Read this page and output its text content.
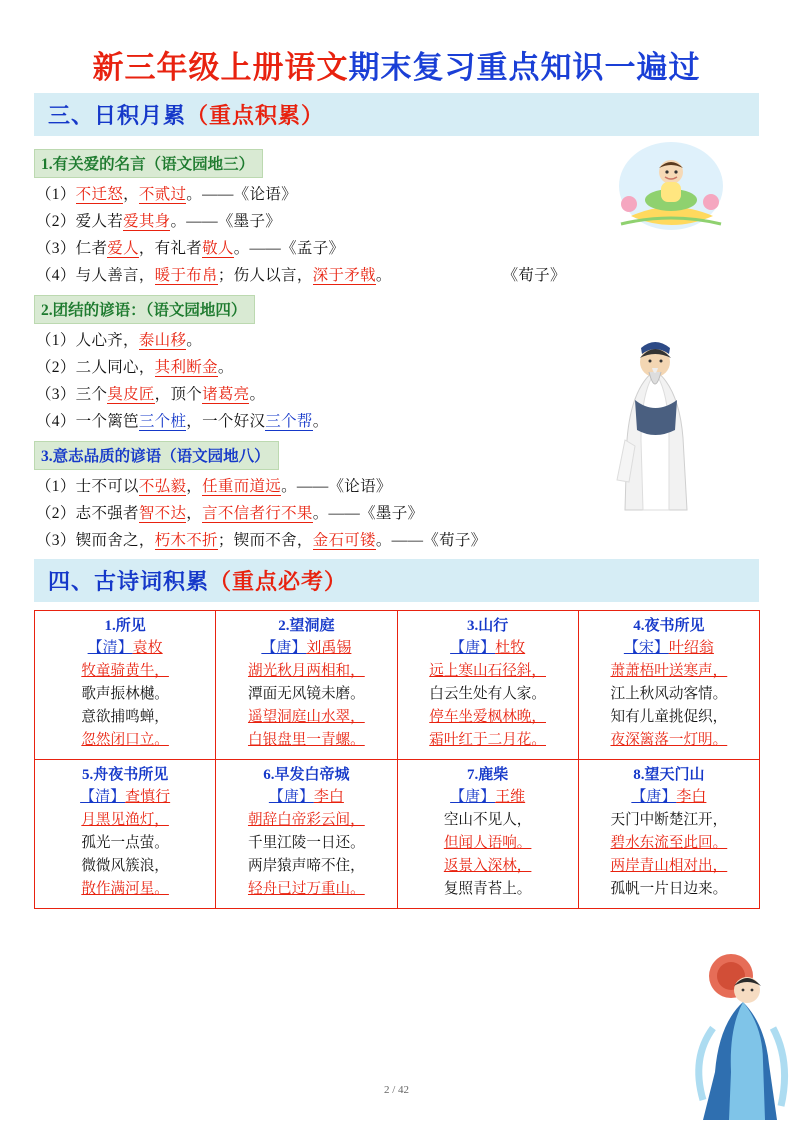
新三年级上册语文期末复习重点知识一遍过
三、日积月累（重点积累）
1.有关爱的名言（语文园地三）
（1）不迁怒，不贰过。——《论语》
（2）爱人若爱其身。——《墨子》
（3）仁者爱人，有礼者敬人。——《孟子》
（4）与人善言，暖于布帛；伤人以言，深于矛戟。　　　　　　　　《荀子》
2.团结的谚语：（语文园地四）
（1）人心齐，泰山移。
（2）二人同心，其利断金。
（3）三个臭皮匠，顶个诸葛亮。
（4）一个篱笆三个桩，一个好汉三个帮。
3.意志品质的谚语（语文园地八）
（1）士不可以不弘毅，任重而道远。——《论语》
（2）志不强者智不达，言不信者行不果。——《墨子》
（3）锲而舍之，朽木不折；锲而不舍，金石可镂。——《荀子》
四、古诗词积累（重点必考）
1.所见
【清】袁枚
牧童骑黄牛，
歌声振林樾。
意欲捕鸣蝉，
忽然闭口立。

2.望洞庭
【唐】刘禹锡
湖光秋月两相和，
潭面无风镜未磨。
遥望洞庭山水翠，
白银盘里一青螺。

3.山行
【唐】杜牧
远上寒山石径斜，
白云生处有人家。
停车坐爱枫林晚，
霜叶红于二月花。

4.夜书所见
【宋】叶绍翁
萧萧梧叶送寒声，
江上秋风动客情。
知有儿童挑促织，
夜深篱落一灯明。

5.舟夜书所见
【清】查慎行
月黑见渔灯，
孤光一点萤。
微微风簇浪，
散作满河星。

6.早发白帝城
【唐】李白
朝辞白帝彩云间，
千里江陵一日还。
两岸猿声啼不住，
轻舟已过万重山。

7.鹿柴
【唐】王维
空山不见人，
但闻人语响。
返景入深林，
复照青苔上。

8.望天门山
【唐】李白
天门中断楚江开，
碧水东流至此回。
两岸青山相对出，
孤帆一片日边来。
2 / 42
